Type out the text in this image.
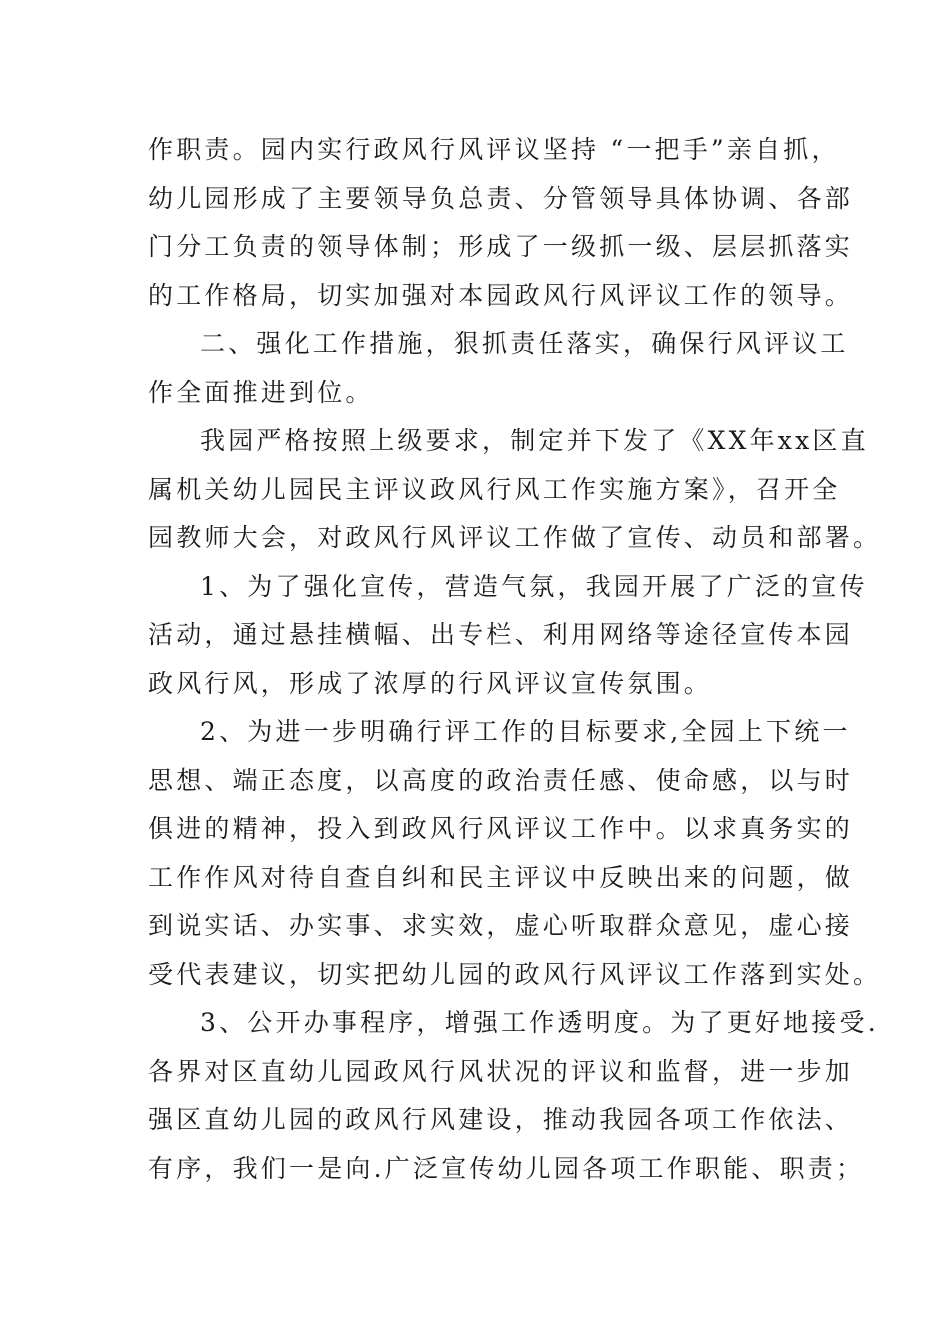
作职责。园内实行政风行风评议坚持 “一把手”亲自抓，
幼儿园形成了主要领导负总责、分管领导具体协调、各部
门分工负责的领导体制；形成了一级抓一级、层层抓落实
的工作格局，切实加强对本园政风行风评议工作的领导。
二、强化工作措施，狠抓责任落实，确保行风评议工
作全面推进到位。
我园严格按照上级要求，制定并下发了《XX年xx区直
属机关幼儿园民主评议政风行风工作实施方案》，召开全
园教师大会，对政风行风评议工作做了宣传、动员和部署。
1、为了强化宣传，营造气氛，我园开展了广泛的宣传
活动，通过悬挂横幅、出专栏、利用网络等途径宣传本园
政风行风，形成了浓厚的行风评议宣传氛围。
2、为进一步明确行评工作的目标要求,全园上下统一
思想、端正态度，以高度的政治责任感、使命感，以与时
俱进的精神，投入到政风行风评议工作中。以求真务实的
工作作风对待自查自纠和民主评议中反映出来的问题，做
到说实话、办实事、求实效，虚心听取群众意见，虚心接
受代表建议，切实把幼儿园的政风行风评议工作落到实处。
3、公开办事程序，增强工作透明度。为了更好地接受.
各界对区直幼儿园政风行风状况的评议和监督，进一步加
强区直幼儿园的政风行风建设，推动我园各项工作依法、
有序，我们一是向.广泛宣传幼儿园各项工作职能、职责；
